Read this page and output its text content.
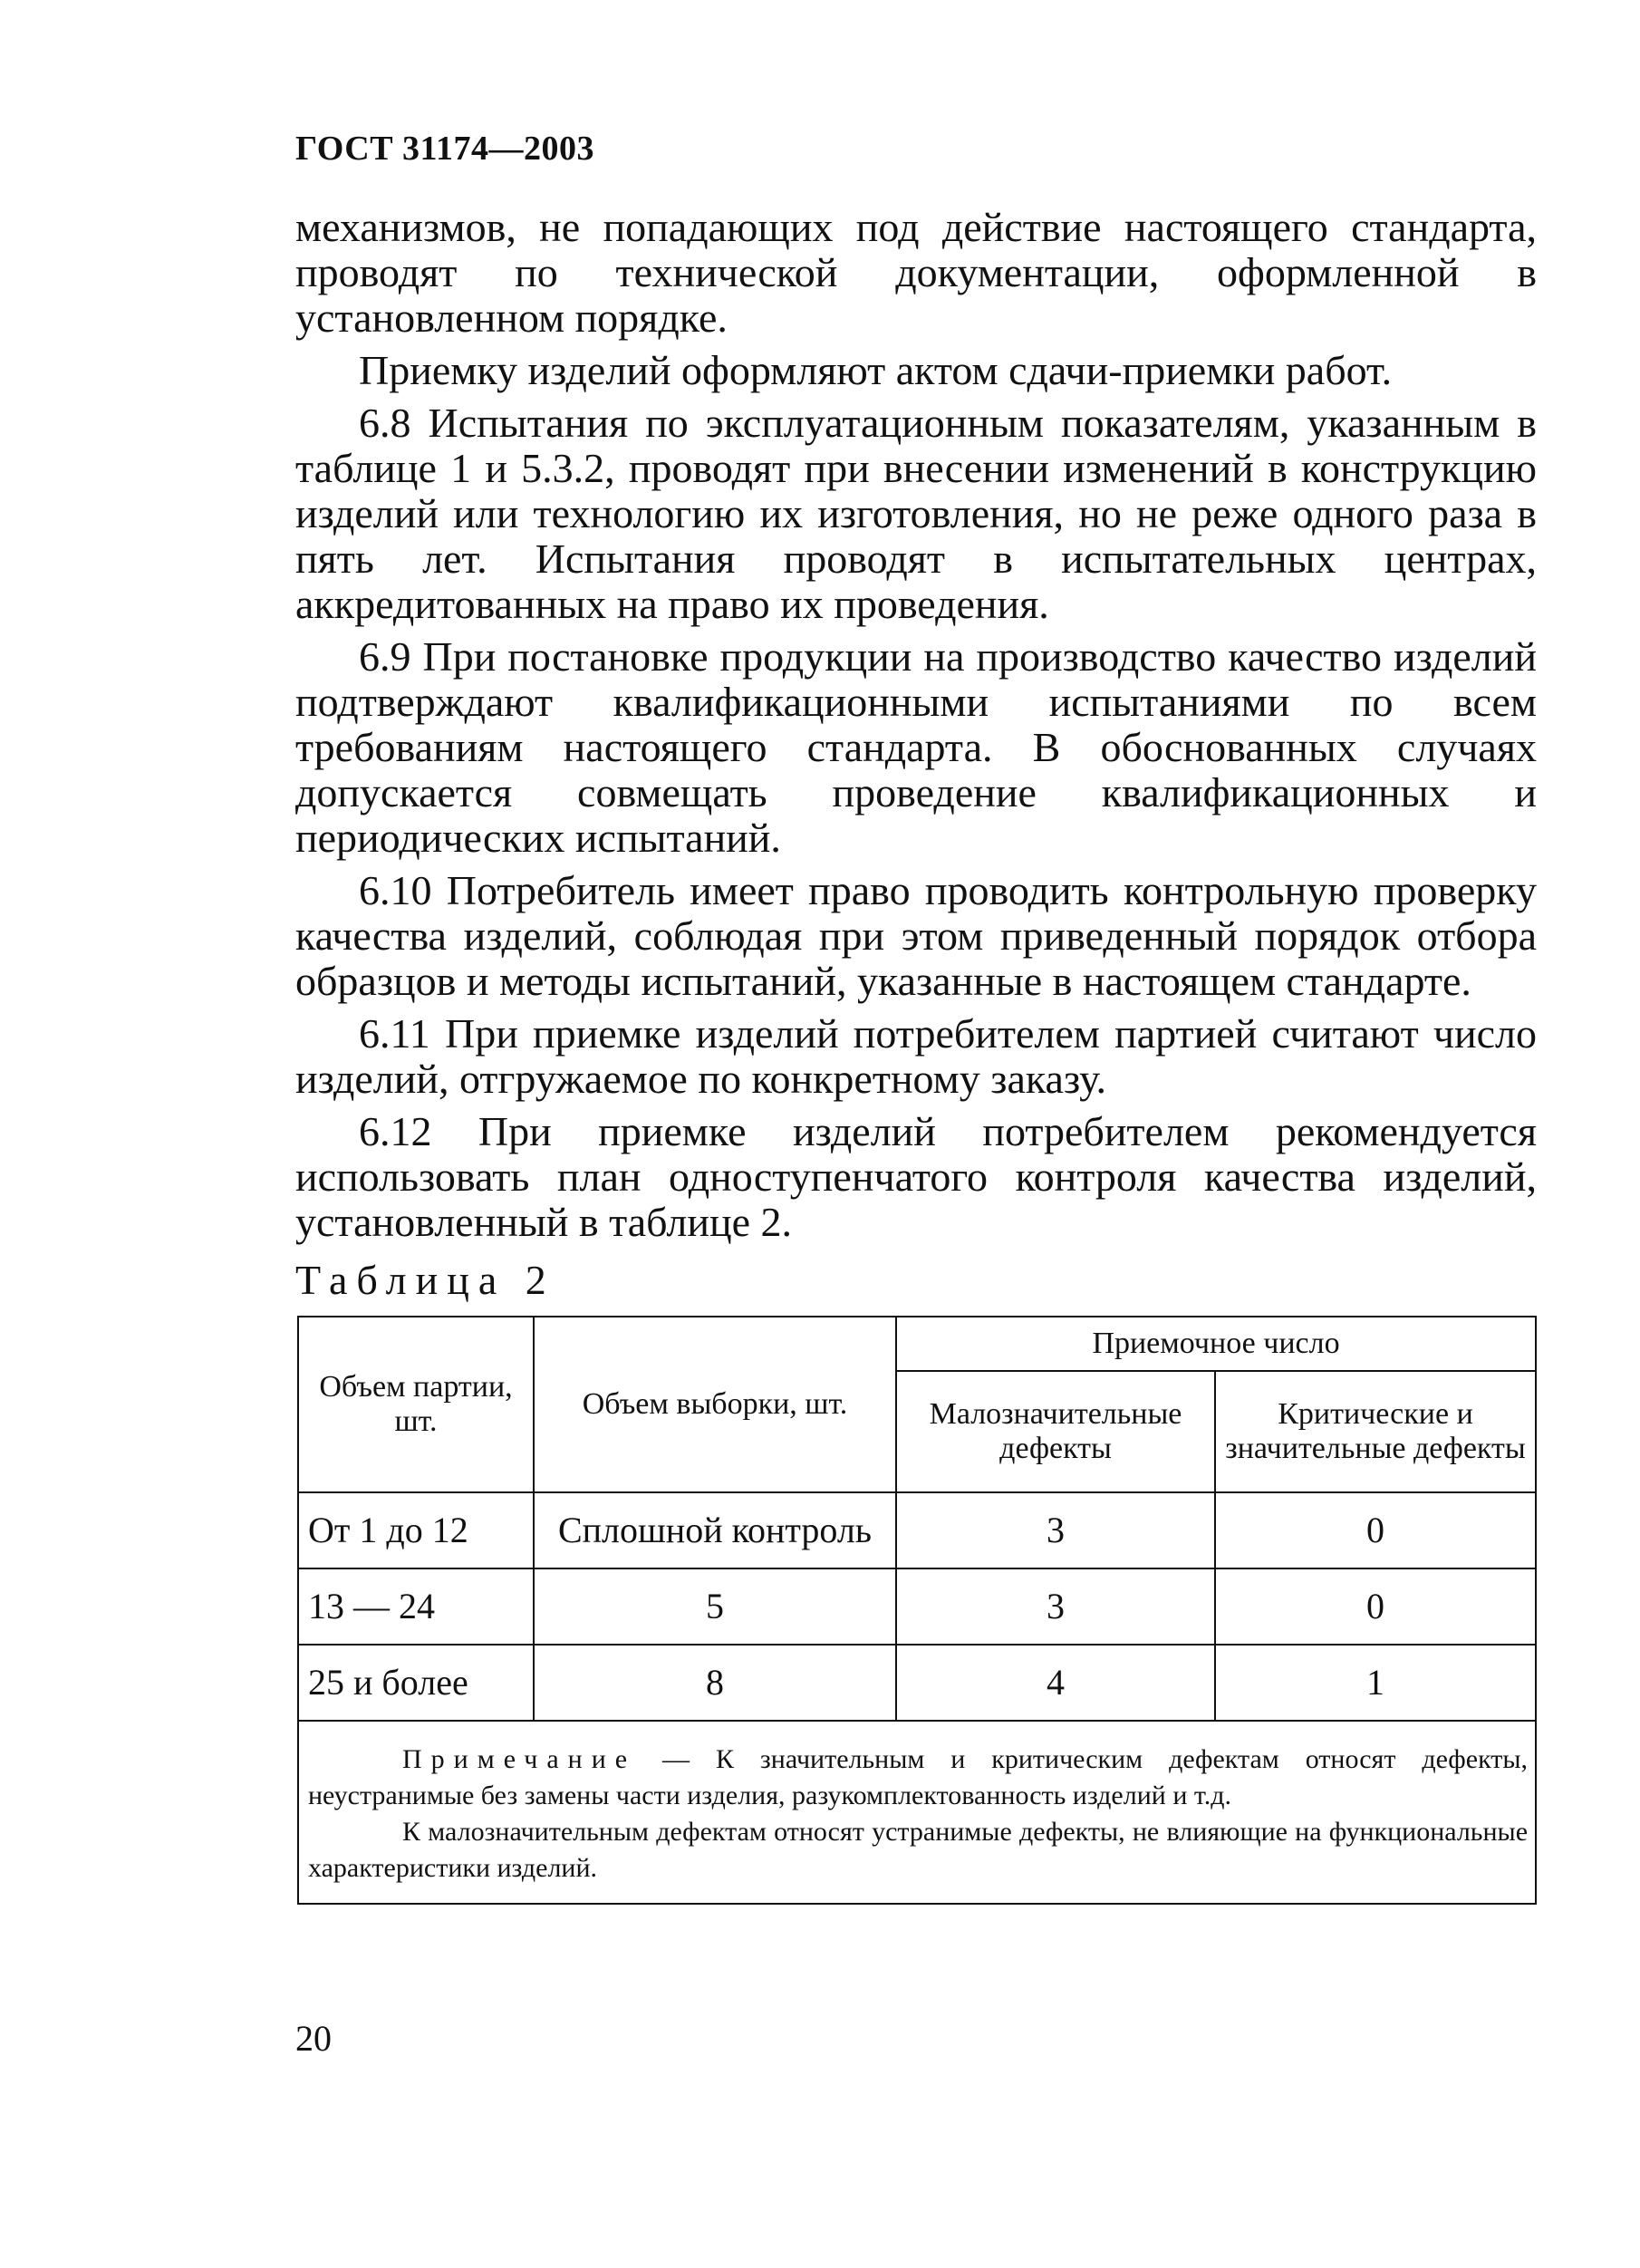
ГОСТ 31174—2003

механизмов, не попадающих под действие настоящего стандарта, проводят по технической документации, оформленной в установленном порядке.

Приемку изделий оформляют актом сдачи-приемки работ.

6.8 Испытания по эксплуатационным показателям, указанным в таблице 1 и 5.3.2, проводят при внесении изменений в конструкцию изделий или технологию их изготовления, но не реже одного раза в пять лет. Испытания проводят в испытательных центрах, аккредитованных на право их проведения.

6.9 При постановке продукции на производство качество изделий подтверждают квалификационными испытаниями по всем требованиям настоящего стандарта. В обоснованных случаях допускается совмещать проведение квалификационных и периодических испытаний.

6.10 Потребитель имеет право проводить контрольную проверку качества изделий, соблюдая при этом приведенный порядок отбора образцов и методы испытаний, указанные в настоящем стандарте.

6.11 При приемке изделий потребителем партией считают число изделий, отгружаемое по конкретному заказу.

6.12 При приемке изделий потребителем рекомендуется использовать план одноступенчатого контроля качества изделий, установленный в таблице 2.

Таблица 2
Объем партии, шт.	Объем выборки, шт.	Приемочное число	
		Малозначительные дефекты	Критические и значительные дефекты
От 1 до 12	Сплошной контроль	3	0
13 — 24	5	3	0
25 и более	8	4	1

Примечание — К значительным и критическим дефектам относят дефекты, неустранимые без замены части изделия, разукомплектованность изделий и т.д.

К малозначительным дефектам относят устранимые дефекты, не влияющие на функциональные характеристики изделий.			

20
